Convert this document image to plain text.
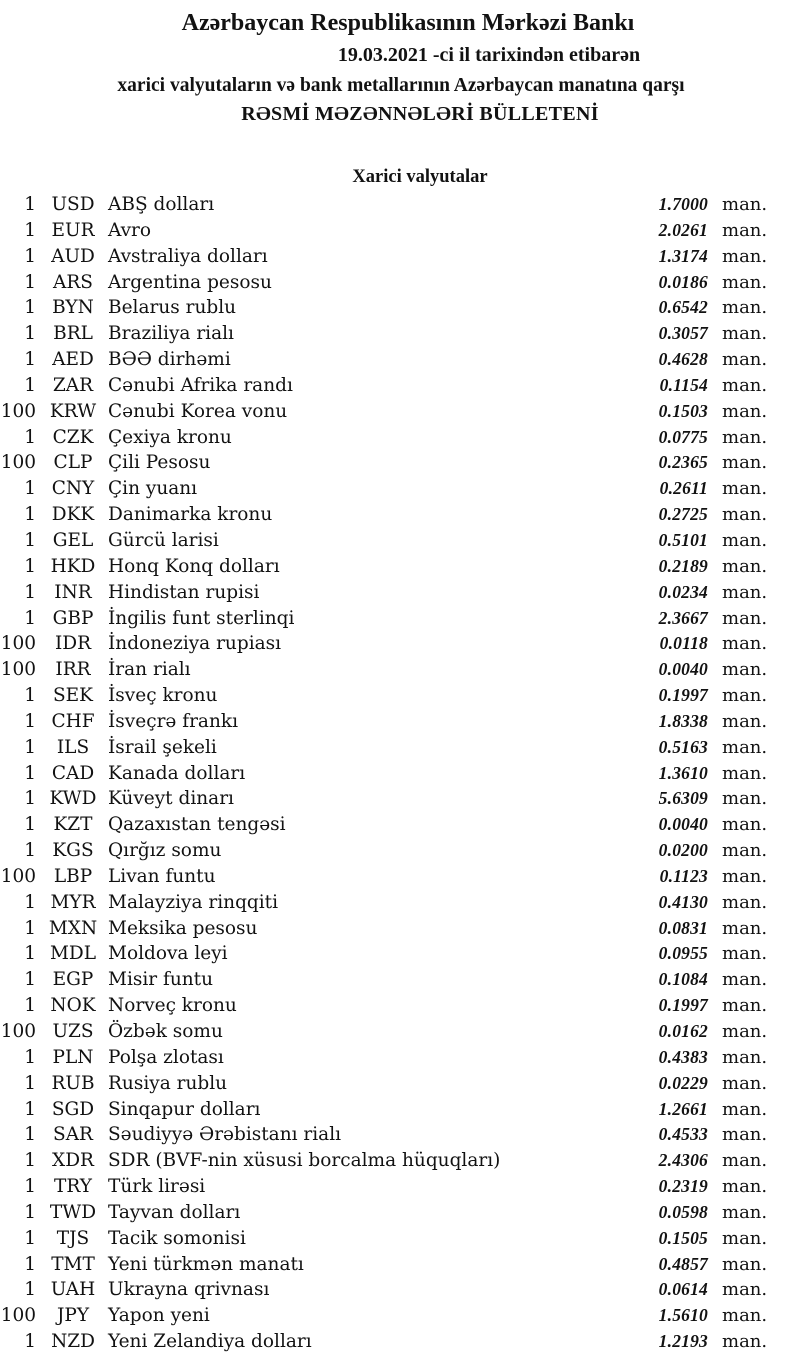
Azərbaycan Respublikasının Mərkəzi Bankı
19.03.2021 -ci il tarixindən etibarən
xarici valyutaların və bank metallarının Azərbaycan manatına qarşı
RƏSMİ MƏZƏNNƏLƏRİ BÜLLETENİ
Xarici valyutalar
1 USD ABŞ dolları	1.7000 man.
1 EUR Avro	2.0261 man.
1 AUD Avstraliya dolları	1.3174 man.
1 ARS Argentina pesosu	0.0186 man.
1 BYN Belarus rublu	0.6542 man.
1 BRL Braziliya rialı	0.3057 man.
1 AED BƏƏ dirhəmi	0.4628 man.
1 ZAR Cənubi Afrika randı	0.1154 man.
100 KRW Cənubi Korea vonu	0.1503 man.
1 CZK Çexiya kronu	0.0775 man.
100 CLP Çili Pesosu	0.2365 man.
1 CNY Çin yuanı	0.2611 man.
1 DKK Danimarka kronu	0.2725 man.
1 GEL Gürcü larisi	0.5101 man.
1 HKD Honq Konq dolları	0.2189 man.
1 INR Hindistan rupisi	0.0234 man.
1 GBP İngilis funt sterlinqi	2.3667 man.
100	IDR İndoneziya rupiası	0.0118 man.
100	IRR İran rialı	0.0040 man.
1 SEK İsveç kronu	0.1997 man.
1 CHF İsveçrə frankı	1.8338 man.
1	ILS	İsrail şekeli	0.5163 man.
1 CAD Kanada dolları	1.3610 man.
1 KWD Küveyt dinarı	5.6309 man.
1 KZT Qazaxıstan tengəsi	0.0040 man.
1 KGS Qırğız somu	0.0200 man.
100 LBP Livan funtu	0.1123 man.
1 MYR Malayziya rinqqiti	0.4130 man.
1 MXN Meksika pesosu	0.0831 man.
1 MDL Moldova leyi	0.0955 man.
1 EGP Misir funtu	0.1084 man.
1 NOK Norveç kronu	0.1997 man.
100 UZS Özbək somu	0.0162 man.
1 PLN Polşa zlotası	0.4383 man.
1 RUB Rusiya rublu	0.0229 man.
1 SGD Sinqapur dolları	1.2661 man.
1 SAR Səudiyyə Ərəbistanı rialı	0.4533 man.
1 XDR SDR (BVF-nin xüsusi borcalma hüquqları)	2.4306 man.
1 TRY Türk lirəsi	0.2319 man.
1 TWD Tayvan dolları	0.0598 man.
1	TJS	Tacik somonisi	0.1505 man.
1 TMT Yeni türkmən manatı	0.4857 man.
1 UAH Ukrayna qrivnası	0.0614 man.
100	JPY	Yapon yeni	1.5610 man.
1 NZD Yeni Zelandiya dolları	1.2193 man.
